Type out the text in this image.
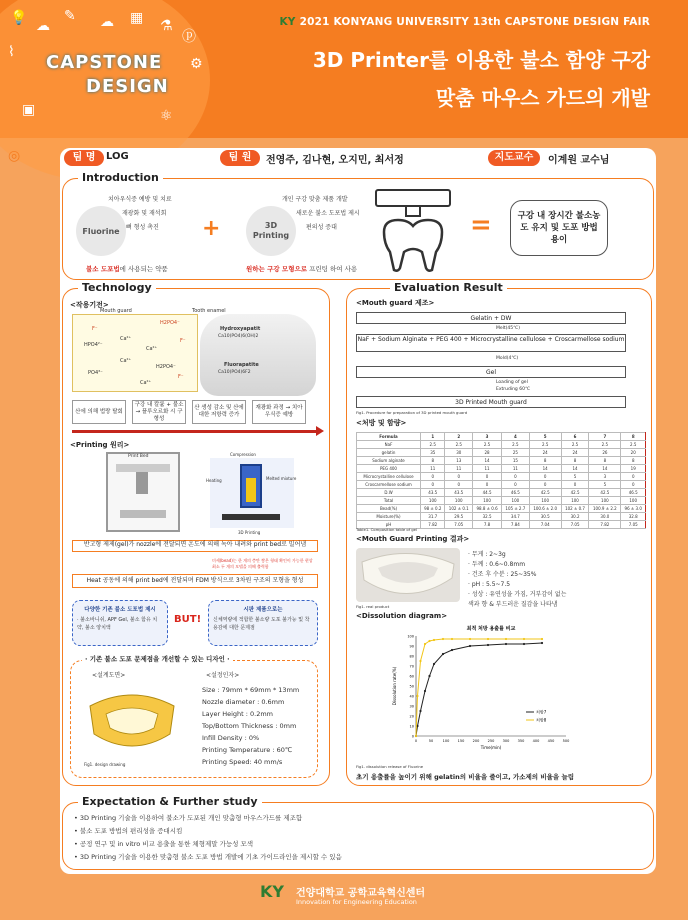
💡 ☁
✎ ☁ ▦ ⚗
ⓟ
⌇
⚙
▣	⚛
◎
CAPSTONE
DESIGN
KY 2021 KONYANG UNIVERSITY 13th CAPSTONE DESIGN FAIR
3D Printer를 이용한 불소 함양 구강
맞춤 마우스 가드의 개발
팀 명	LOG	팀 원	전영주, 김나현, 오지민, 최서정	지도교수	이계원 교수님
Introduction
Fluorine
치아우식증 예방 및 치료
재광화 및 재석회
뼈 형성 촉진
불소 도포법에 사용되는 약품
+	3D
Printing
개인 구강 맞춤 제품 개발
새로운 불소 도포법 제시
편의성 증대
원하는 구강 모형으로 프린팅 하여 사용
=	구강 내 장시간 불소농도 유지 및 도포 방법 용이
Technology
<작용기전>
Mouth guard	Tooth enamel
Hydroxyapatit
Ca10(PO4)6(OH)2
Fluorapatite
Ca10(PO4)6F2
F⁻
H2PO4⁻
HPO4²⁻
Ca²⁺	F⁻
Ca²⁺
PO4³⁻
Ca²⁺
H2PO4⁻
F⁻
Ca²⁺
산에 의해 법랑 탈회
구강 내 칼륨 + 불소 → 플루오르화 시 구 형성
산 생성 감소 및 산에 대한 저항력 증가
재광화 과정 → 치아우식증 예방
<Printing 원리>
Print Bed	Compression
Heating	Melted mixture
3D Printing
반고형 제제(gel)가 nozzle에 전달되면 온도에 의해 녹아 내려와 print bed로 밀어냄
미세(bead)는 한 개의 층만 쌓은 형태 확인이 가능한 현상
최소 두 개의 모델을 의해 출력함
Heat 공동에 의해 print bed에 전달되며 FDM 방식으로 3차원 구조의 모형을 형성
다양한 기존 불소 도포법 제시
· 불소바니쉬, APF Gel, 불소 함유 치약, 불소 양치액
BUT!
시판 제품으로는
신체역량에 적합한 불소량 도포 불가능 및 착용감에 대한 문제점
· 기존 불소 도포 문제점을 개선할 수 있는 디자인 ·
<설계도면>	<설정인자>
Fig1. design drawing
Size : 79mm * 69mm * 13mm
Nozzle diameter : 0.6mm
Layer Height : 0.2mm
Top/Bottom Thickness : 0mm
Infill Density : 0%
Printing Temperature : 60℃
Printing Speed: 40 mm/s
Evaluation Result
<Mouth guard 제조>
Gelatin + DW
Melt(45℃)
NaF + Sodium Alginate + PEG 400 + Microcrystalline cellulose + Croscarmellose sodium
Mold(4℃)
Gel
Loading of gel
Extruding 60℃
3D Printed Mouth guard
Fig1. Procedure for preparation of 3D printed mouth guard
<처방 및 함량>
Formula	1	2	3	4	5	6	7	8
NaF	2.5	2.5	2.5	2.5	2.5	2.5	2.5	2.5
gelatin	35	30	28	25	24	24	26	20
Sodium alginate	8	13	14	15	8	8	8	8
PEG 400	11	11	11	11	14	14	14	19
Microcrystalline cellulose	0	0	0	0	0	5	3	0
Croscarmellose sodium	0	0	0	0	0	0	5	0
D.W	43.5	43.5	44.5	46.5	42.5	42.5	42.5	46.5
Total	100	100	100	100	100	100	100	100
Bead(%)	98 ± 0.2	102 ± 0.1	98.8 ± 0.6	105 ± 2.7	100.6 ± 2.0	102 ± 0.7	100.9 ± 2.2	96 ± 3.0
Moisture(%)	31.7	29.5	32.5	34.7	30.5	30.2	30.0	32.8
pH	7.82	7.05	7.8	7.84	7.04	7.05	7.82	7.05
Table1. Composition table of gel
<Mouth Guard Printing 결과>
Fig1. real product
· 무게 : 2~3g
· 두께 : 0.6~0.8mm
· 건조 후 수분 : 25~35%
· pH : 5.5~7.5
· 성상 : 유연성을 가짐, 거부감이 없는
색과 향 & 부드러운 질감을 나타냄
<Dissolution diagram>
최적 처방 용출률 비교
0
10
20
30
40
50
60
70
80
90
100
0	50	100 150 200 250 300 350 400 450 500
Time(min)
Dissolution rate(%)
처방7
처방8
Fig1. dissolution release of Fluorine
초기 용출률을 높이기 위해 gelatin의 비율을 줄이고, 가소제의 비율을 늘림
Expectation & Further study
• 3D Printing 기술을 이용하여 불소가 도포된 개인 맞춤형 마우스가드를 제조함
• 불소 도포 방법의 편리성을 증대시킴
• 공정 연구 및 in vitro 비교 용출을 통한 체형제말 가능성 모색
• 3D Printing 기술을 이용한 맞춤형 불소 도포 방법 개발에 기초 가이드라인을 제시할 수 있음
KY 건양대학교 공학교육혁신센터
Innovation for Engineering Education
